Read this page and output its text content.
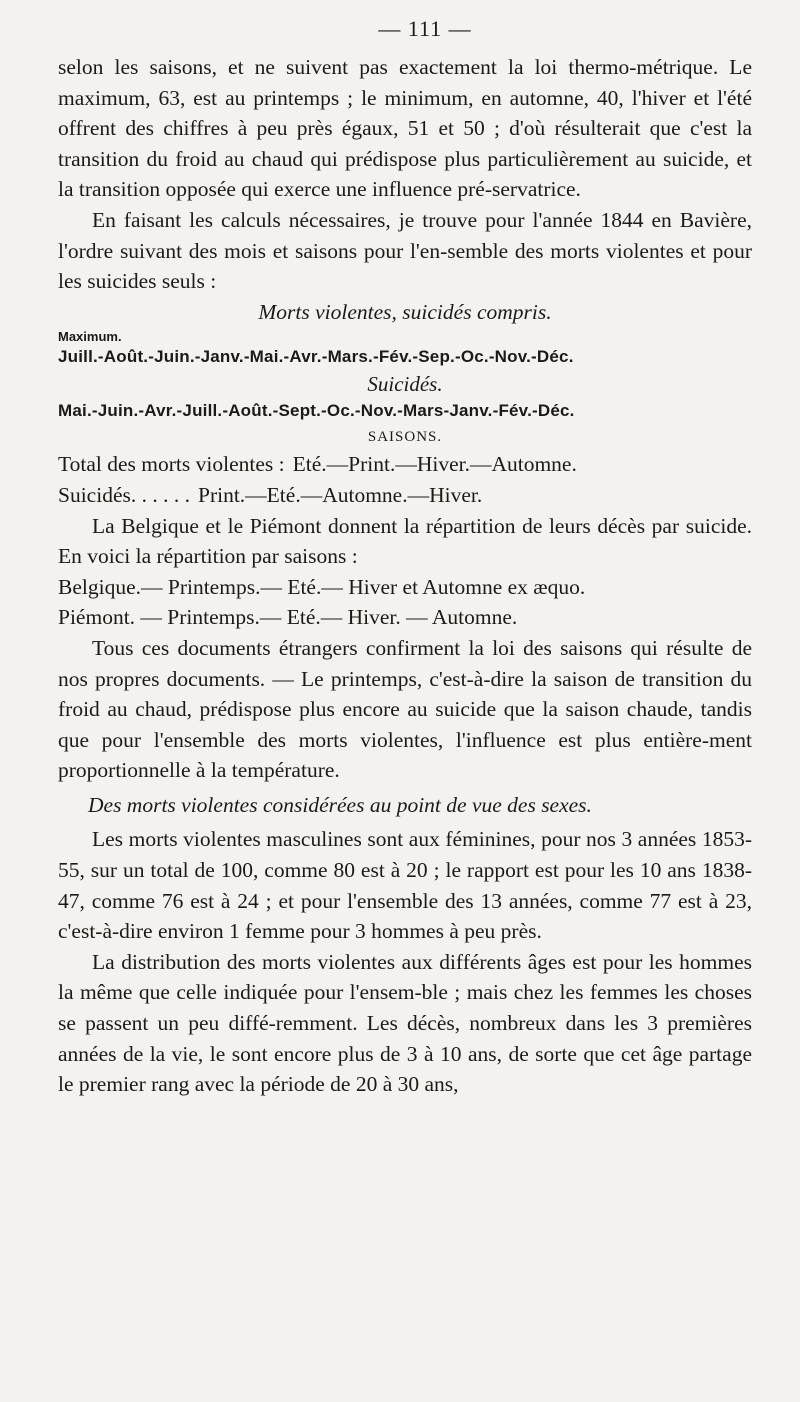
— 111 —

selon les saisons, et ne suivent pas exactement la loi thermo-métrique. Le maximum, 63, est au printemps ; le minimum, en automne, 40, l'hiver et l'été offrent des chiffres à peu près égaux, 51 et 50 ; d'où résulterait que c'est la transition du froid au chaud qui prédispose plus particulièrement au suicide, et la transition opposée qui exerce une influence pré-servatrice.

En faisant les calculs nécessaires, je trouve pour l'année 1844 en Bavière, l'ordre suivant des mois et saisons pour l'en-semble des morts violentes et pour les suicides seuls :

Morts violentes, suicidés compris.

Maximum.

Juill.-Août.-Juin.-Janv.-Mai.-Avr.-Mars.-Fév.-Sep.-Oc.-Nov.-Déc.

Suicidés.

Mai.-Juin.-Avr.-Juill.-Août.-Sept.-Oc.-Nov.-Mars-Janv.-Fév.-Déc.

SAISONS.

Total des morts violentes : Eté.—Print.—Hiver.—Automne.
Suicidés. . . . . . Print.—Eté.—Automne.—Hiver.

La Belgique et le Piémont donnent la répartition de leurs décès par suicide. En voici la répartition par saisons :

Belgique.— Printemps.— Eté.— Hiver et Automne ex æquo.

Piémont. — Printemps.— Eté.— Hiver. — Automne.

Tous ces documents étrangers confirment la loi des saisons qui résulte de nos propres documents. — Le printemps, c'est-à-dire la saison de transition du froid au chaud, prédispose plus encore au suicide que la saison chaude, tandis que pour l'ensemble des morts violentes, l'influence est plus entière-ment proportionnelle à la température.

Des morts violentes considérées au point de vue des sexes.

Les morts violentes masculines sont aux féminines, pour nos 3 années 1853-55, sur un total de 100, comme 80 est à 20 ; le rapport est pour les 10 ans 1838-47, comme 76 est à 24 ; et pour l'ensemble des 13 années, comme 77 est à 23, c'est-à-dire environ 1 femme pour 3 hommes à peu près.

La distribution des morts violentes aux différents âges est pour les hommes la même que celle indiquée pour l'ensem-ble ; mais chez les femmes les choses se passent un peu diffé-remment. Les décès, nombreux dans les 3 premières années de la vie, le sont encore plus de 3 à 10 ans, de sorte que cet âge partage le premier rang avec la période de 20 à 30 ans,
